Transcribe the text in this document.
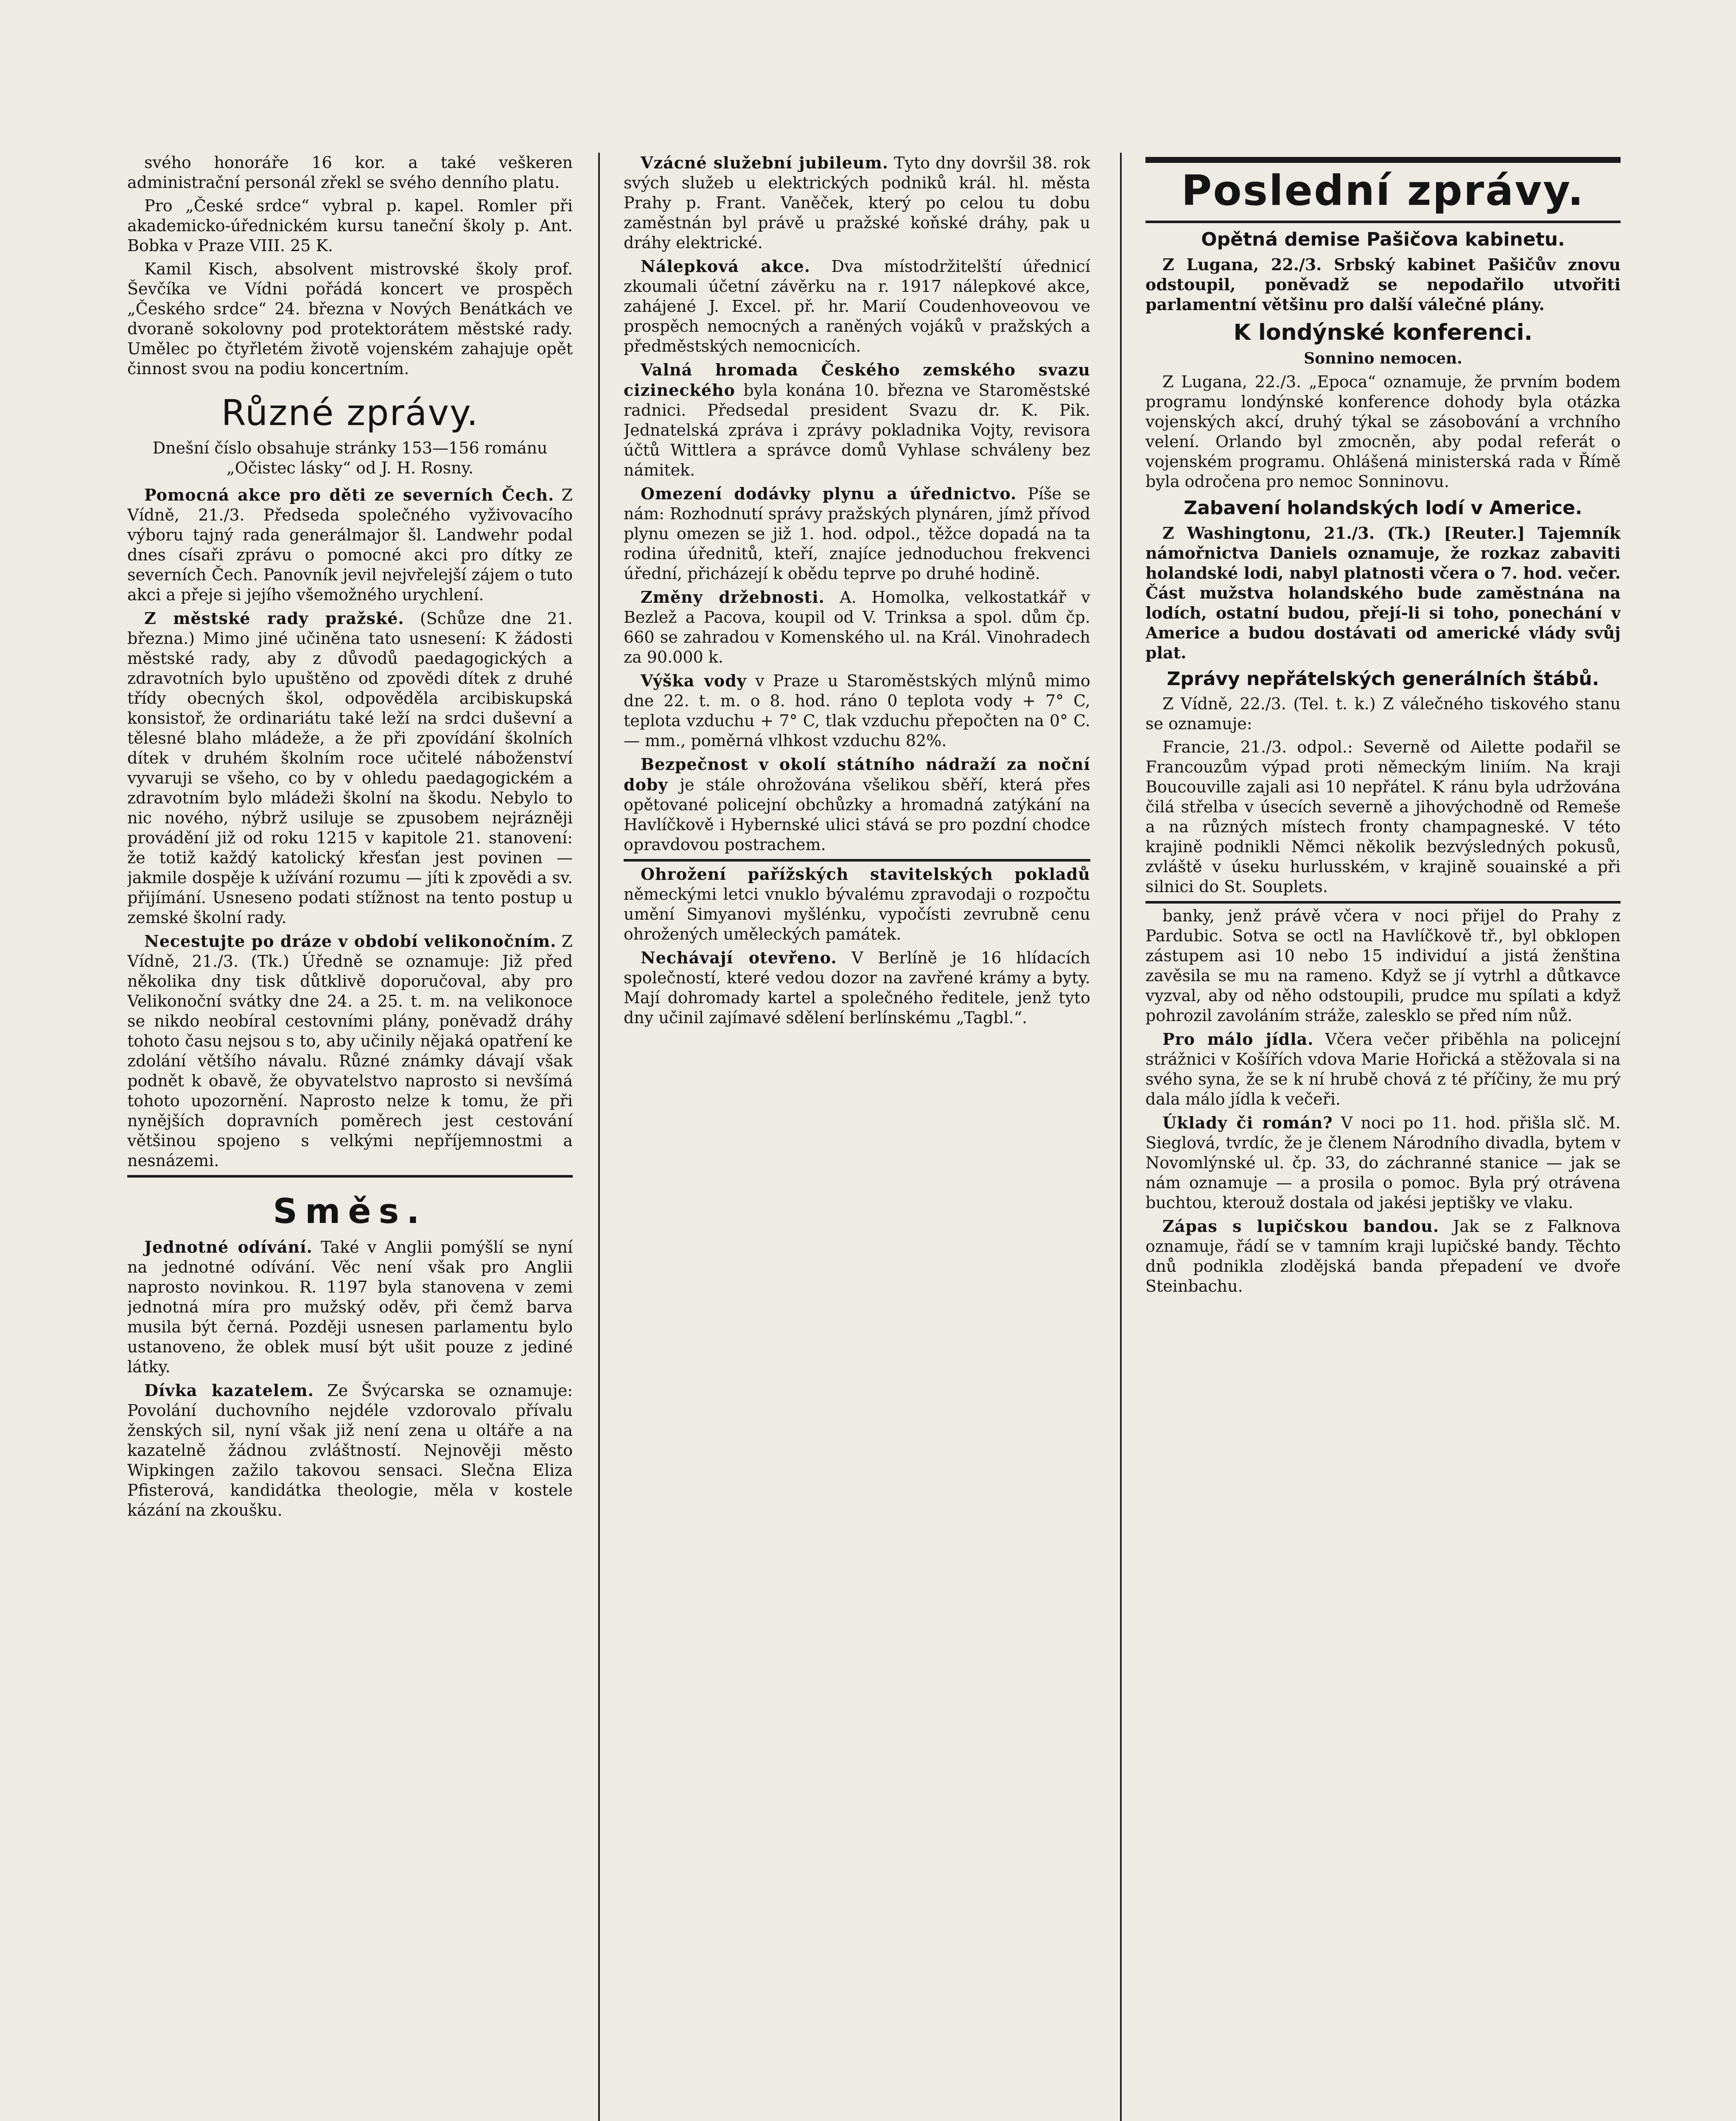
svého honoráře 16 kor. a také veškeren administrační personál zřekl se svého denního platu.

Pro „České srdce“ vybral p. kapel. Romler při akademicko-úřednickém kursu taneční školy p. Ant. Bobka v Praze VIII. 25 K.

Kamil Kisch, absolvent mistrovské školy prof. Ševčíka ve Vídni pořádá koncert ve prospěch „Českého srdce“ 24. března v Nových Benátkách ve dvoraně sokolovny pod protektorátem městské rady. Umělec po čtyřletém životě vojenském zahajuje opět činnost svou na podiu koncertním.

Různé zprávy.

Dnešní číslo obsahuje stránky 153—156 románu „Očistec lásky“ od J. H. Rosny.

Pomocná akce pro děti ze severních Čech. Z Vídně, 21./3. Předseda společného vyživovacího výboru tajný rada generálmajor šl. Landwehr podal dnes císaři zprávu o pomocné akci pro dítky ze severních Čech. Panovník jevil nejvřelejší zájem o tuto akci a přeje si jejího všemožného urychlení.

Z městské rady pražské. (Schůze dne 21. března.) Mimo jiné učiněna tato usnesení: K žádosti městské rady, aby z důvodů paedagogických a zdravotních bylo upuštěno od zpovědi dítek z druhé třídy obecných škol, odpověděla arcibiskupská konsistoř, že ordinariátu také leží na srdci duševní a tělesné blaho mládeže, a že při zpovídání školních dítek v druhém školním roce učitelé náboženství vyvaruji se všeho, co by v ohledu paedagogickém a zdravotním bylo mládeži školní na škodu. Nebylo to nic nového, nýbrž usiluje se zpusobem nejrázněji provádění již od roku 1215 v kapitole 21. stanovení: že totiž každý katolický křesťan jest povinen — jakmile dospěje k užívání rozumu — jíti k zpovědi a sv. přijímání. Usneseno podati stížnost na tento postup u zemské školní rady.

Necestujte po dráze v období velikonočním. Z Vídně, 21./3. (Tk.) Úředně se oznamuje: Již před několika dny tisk důtklivě doporučoval, aby pro Velikonoční svátky dne 24. a 25. t. m. na velikonoce se nikdo neobíral cestovními plány, poněvadž dráhy tohoto času nejsou s to, aby učinily nějaká opatření ke zdolání většího návalu. Různé známky dávají však podnět k obavě, že obyvatelstvo naprosto si nevšímá tohoto upozornění. Naprosto nelze k tomu, že při nynějších dopravních poměrech jest cestování většinou spojeno s velkými nepříjemnostmi a nesnázemi.

Směs.

Jednotné odívání. Také v Anglii pomýšlí se nyní na jednotné odívání. Věc není však pro Anglii naprosto novinkou. R. 1197 byla stanovena v zemi jednotná míra pro mužský oděv, při čemž barva musila být černá. Později usnesen parlamentu bylo ustanoveno, že oblek musí být ušit pouze z jediné látky.

Dívka kazatelem. Ze Švýcarska se oznamuje: Povolání duchovního nejdéle vzdorovalo přívalu ženských sil, nyní však již není zena u oltáře a na kazatelně žádnou zvláštností. Nejnověji město Wipkingen zažilo takovou sensaci. Slečna Eliza Pfisterová, kandidátka theologie, měla v kostele kázání na zkoušku.

Vzácné služební jubileum. Tyto dny dovršil 38. rok svých služeb u elektrických podniků král. hl. města Prahy p. Frant. Vaněček, který po celou tu dobu zaměstnán byl právě u pražské koňské dráhy, pak u dráhy elektrické.

Nálepková akce. Dva místodržitelští úřednicí zkoumali účetní závěrku na r. 1917 nálepkové akce, zahájené J. Excel. př. hr. Marií Coudenhoveovou ve prospěch nemocných a raněných vojáků v pražských a předměstských nemocnicích.

Valná hromada Českého zemského svazu cizineckého byla konána 10. března ve Staroměstské radnici. Předsedal president Svazu dr. K. Pik. Jednatelská zpráva i zprávy pokladnika Vojty, revisora účtů Wittlera a správce domů Vyhlase schváleny bez námitek.

Omezení dodávky plynu a úřednictvo. Píše se nám: Rozhodnutí správy pražských plynáren, jímž přívod plynu omezen se již 1. hod. odpol., těžce dopadá na ta rodina úřednitů, kteří, znajíce jednoduchou frekvenci úřední, přicházejí k obědu teprve po druhé hodině.

Změny držebnosti. A. Homolka, velkostatkář v Bezlež a Pacova, koupil od V. Trinksa a spol. dům čp. 660 se zahradou v Komenského ul. na Král. Vinohradech za 90.000 k.

Výška vody v Praze u Staroměstských mlýnů mimo dne 22. t. m. o 8. hod. ráno 0 teplota vody + 7° C, teplota vzduchu + 7° C, tlak vzduchu přepočten na 0° C. — mm., poměrná vlhkost vzduchu 82%.

Bezpečnost v okolí státního nádraží za noční doby je stále ohrožována všelikou sběří, která přes opětované policejní obchůzky a hromadná zatýkání na Havlíčkově i Hybernské ulici stává se pro pozdní chodce opravdovou postrachem.

Ohrožení pařížských stavitelských pokladů německými letci vnuklo bývalému zpravodaji o rozpočtu umění Simyanovi myšlénku, vypočísti zevrubně cenu ohrožených uměleckých památek.

Nechávají otevřeno. V Berlíně je 16 hlídacích společností, které vedou dozor na zavřené krámy a byty. Mají dohromady kartel a společného ředitele, jenž tyto dny učinil zajímavé sdělení berlínskému „Tagbl.“.

Poslední zprávy.
Opětná demise Pašičova kabinetu.

Z Lugana, 22./3. Srbský kabinet Pašičův znovu odstoupil, poněvadž se nepodařilo utvořiti parlamentní většinu pro další válečné plány.

K londýnské konferenci.
Sonnino nemocen.

Z Lugana, 22./3. „Epoca“ oznamuje, že prvním bodem programu londýnské konference dohody byla otázka vojenských akcí, druhý týkal se zásobování a vrchního velení. Orlando byl zmocněn, aby podal referát o vojenském programu. Ohlášená ministerská rada v Římě byla odročena pro nemoc Sonninovu.

Zabavení holandských lodí v Americe.

Z Washingtonu, 21./3. (Tk.) [Reuter.] Tajemník námořnictva Daniels oznamuje, že rozkaz zabaviti holandské lodi, nabyl platnosti včera o 7. hod. večer. Část mužstva holandského bude zaměstnána na lodích, ostatní budou, přejí-li si toho, ponechání v Americe a budou dostávati od americké vlády svůj plat.

Zprávy nepřátelských generálních štábů.

Z Vídně, 22./3. (Tel. t. k.) Z válečného tiskového stanu se oznamuje:

Francie, 21./3. odpol.: Severně od Ailette podařil se Francouzům výpad proti německým liniím. Na kraji Boucouville zajali asi 10 nepřátel. K ránu byla udržována čilá střelba v úsecích severně a jihovýchodně od Remeše a na různých místech fronty champagneské. V této krajině podnikli Němci několik bezvýsledných pokusů, zvláště v úseku hurlusském, v krajině souainské a při silnici do St. Souplets.

banky, jenž právě včera v noci přijel do Prahy z Pardubic. Sotva se octl na Havlíčkově tř., byl obklopen zástupem asi 10 nebo 15 individuí a jistá ženština zavěsila se mu na rameno. Když se jí vytrhl a důtkavce vyzval, aby od něho odstoupili, prudce mu spílati a když pohrozil zavoláním stráže, zalesklo se před ním nůž.

Pro málo jídla. Včera večer přiběhla na policejní strážnici v Košířích vdova Marie Hořická a stěžovala si na svého syna, že se k ní hrubě chová z té příčiny, že mu prý dala málo jídla k večeři.

Úklady či román? V noci po 11. hod. přišla slč. M. Sieglová, tvrdíc, že je členem Národního divadla, bytem v Novomlýnské ul. čp. 33, do záchranné stanice — jak se nám oznamuje — a prosila o pomoc. Byla prý otrávena buchtou, kterouž dostala od jakési jeptišky ve vlaku.

Zápas s lupičskou bandou. Jak se z Falknova oznamuje, řádí se v tamním kraji lupičské bandy. Těchto dnů podnikla zlodějská banda přepadení ve dvoře Steinbachu.
